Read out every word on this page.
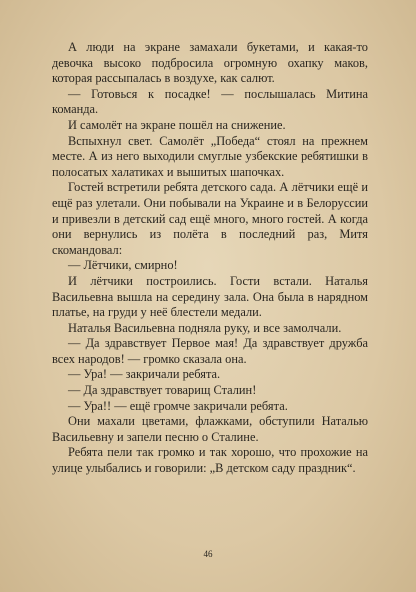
А люди на экране замахали букетами, и какая-то девочка высоко подбросила огромную охапку маков, которая рассыпалась в воздухе, как салют.

— Готовься к посадке! — послышалась Митина команда.

И самолёт на экране пошёл на снижение.

Вспыхнул свет. Самолёт „Победа“ стоял на прежнем месте. А из него выходили смуглые узбекские ребятишки в полосатых халатиках и вышитых шапочках.

Гостей встретили ребята детского сада. А лётчики ещё и ещё раз улетали. Они побывали на Украине и в Белоруссии и привезли в детский сад ещё много, много гостей. А когда они вернулись из полёта в последний раз, Митя скомандовал:

— Лётчики, смирно!

И лётчики построились. Гости встали. Наталья Васильевна вышла на середину зала. Она была в нарядном платье, на груди у неё блестели медали.

Наталья Васильевна подняла руку, и все замолчали.

— Да здравствует Первое мая! Да здравствует дружба всех народов! — громко сказала она.

— Ура! — закричали ребята.

— Да здравствует товарищ Сталин!

— Ура!! — ещё громче закричали ребята.

Они махали цветами, флажками, обступили Наталью Васильевну и запели песню о Сталине.

Ребята пели так громко и так хорошо, что прохожие на улице улыбались и говорили: „В детском саду праздник“.

46
